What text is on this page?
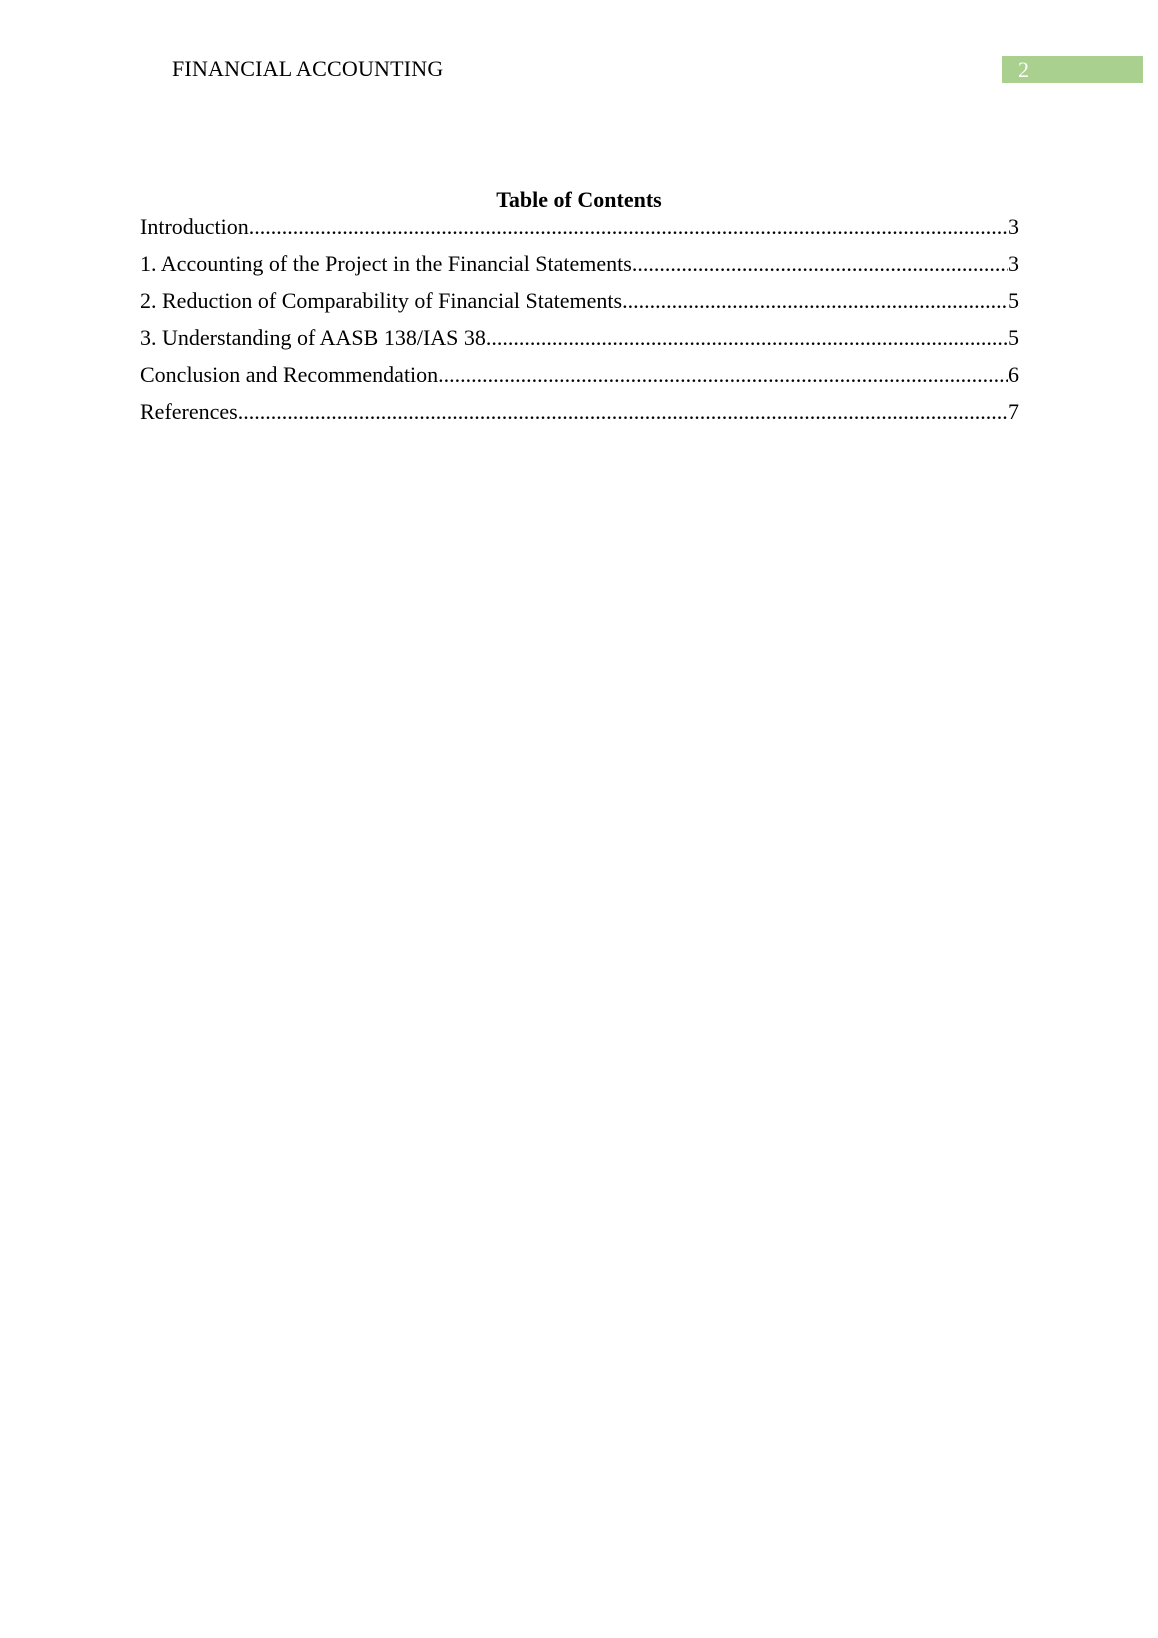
FINANCIAL ACCOUNTING	2
Table of Contents
Introduction .....	3
1. Accounting of the Project in the Financial Statements .....	3
2. Reduction of Comparability of Financial Statements .....	5
3. Understanding of AASB 138/IAS 38 .....	5
Conclusion and Recommendation .....	6
References .....	7
